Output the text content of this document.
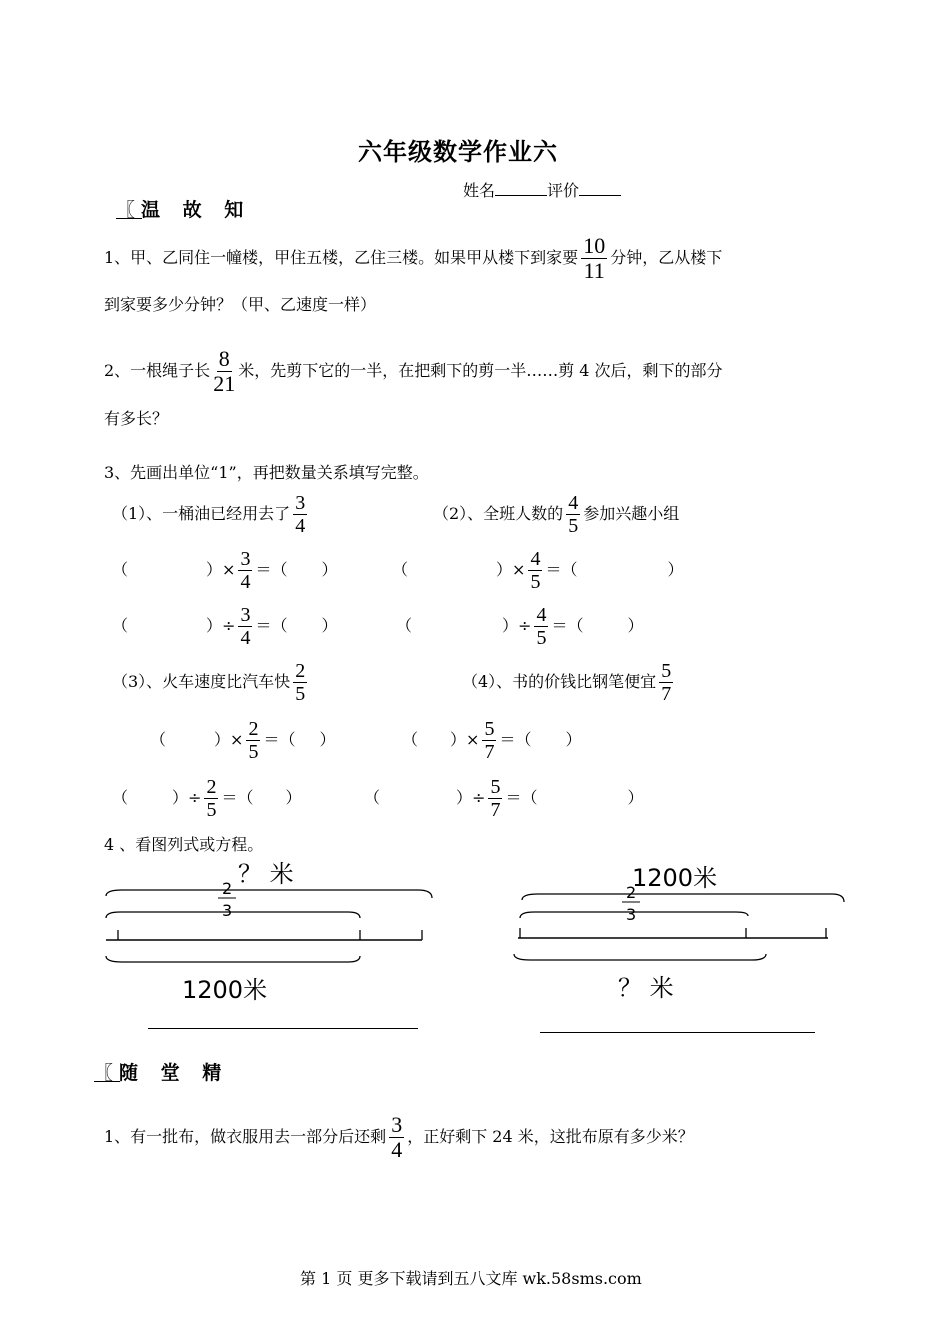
六年级数学作业六
姓名	评价
〖 温 故 知
1、甲、乙同住一幢楼，甲住五楼，乙住三楼。如果甲从楼下到家要 $\frac{10}{11}$ 分钟，乙从楼下
到家要多少分钟？（甲、乙速度一样）
2、一根绳子长 $\frac{8}{21}$ 米，先剪下它的一半，在把剩下的剪一半……剪 4 次后，剩下的部分
有多长？
3、先画出单位“1”，再把数量关系填写完整。
（1）、一桶油已经用去了 $\frac{3}{4}$	（2）、全班人数的 $\frac{4}{5}$ 参加兴趣小组
（	）× $\frac{3}{4}$ ＝（ ）	（	）× $\frac{4}{5}$ ＝（	）
（	）÷ $\frac{3}{4}$ ＝（ ）	（	）÷ $\frac{4}{5}$ ＝（	）
（3）、火车速度比汽车快 $\frac{2}{5}$	（4）、书的价钱比钢笔便宜 $\frac{5}{7}$
（	）× $\frac{2}{5}$ ＝（ ）	（ ）× $\frac{5}{7}$ ＝（ ）
（	）÷ $\frac{2}{5}$ ＝（ ）	（	）÷ $\frac{5}{7}$ ＝（	）
4 、看图列式或方程。
？ 米
2
3
1200米
1200米
2
3
？ 米
〖 随 堂 精
1、有一批布，做衣服用去一部分后还剩 $\frac{3}{4}$ ，正好剩下 24 米，这批布原有多少米？
第 1 页 更多下载请到五八文库 wk.58sms.com
